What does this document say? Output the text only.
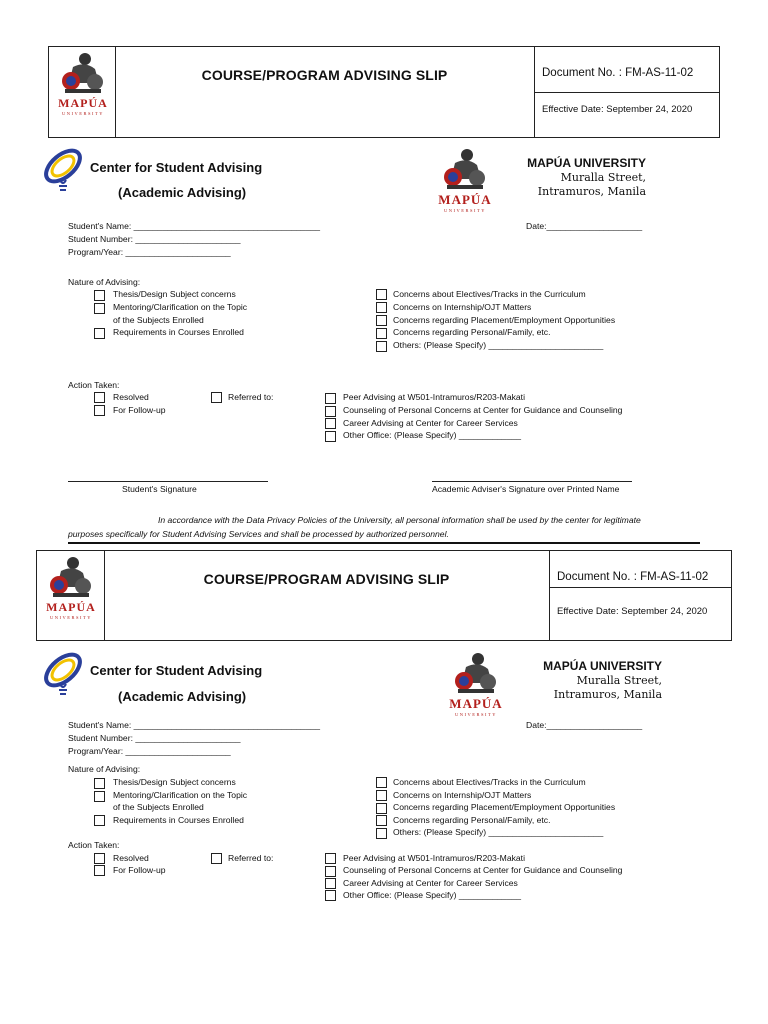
MAPÚA
UNIVERSITY
COURSE/PROGRAM ADVISING SLIP	Document No. : FM-AS-11-02
Effective Date: September 24, 2020
Center for Student Advising
(Academic Advising)	MAPÚA
UNIVERSITY
MAPÚA UNIVERSITY
Muralla Street,
Intramuros, Manila
Student's Name: _______________________________________
Student Number: ______________________
Program/Year: ______________________
Date:____________________
Nature of Advising:
Thesis/Design Subject concerns
Mentoring/Clarification on the Topic
of the Subjects Enrolled
Requirements in Courses Enrolled
Concerns about Electives/Tracks in the Curriculum
Concerns on Internship/OJT Matters
Concerns regarding Placement/Employment Opportunities
Concerns regarding Personal/Family, etc.
Others: (Please Specify) ________________________
Action Taken:
Resolved
For Follow-up
Referred to:	Peer Advising at W501-Intramuros/R203-Makati
Counseling of Personal Concerns at Center for Guidance and Counseling
Career Advising at Center for Career Services
Other Office: (Please Specify) _____________
Student's Signature	Academic Adviser's Signature over Printed Name
In accordance with the Data Privacy Policies of the University, all personal information shall be used by the center for legitimate
purposes specifically for Student Advising Services and shall be processed by authorized personnel.
MAPÚA
UNIVERSITY
COURSE/PROGRAM ADVISING SLIP	Document No. : FM-AS-11-02
Effective Date: September 24, 2020
Center for Student Advising
(Academic Advising)	MAPÚA
UNIVERSITY
MAPÚA UNIVERSITY
Muralla Street,
Intramuros, Manila
Student's Name: _______________________________________
Student Number: ______________________
Program/Year: ______________________
Date:____________________
Nature of Advising:
Thesis/Design Subject concerns
Mentoring/Clarification on the Topic
of the Subjects Enrolled
Requirements in Courses Enrolled
Concerns about Electives/Tracks in the Curriculum
Concerns on Internship/OJT Matters
Concerns regarding Placement/Employment Opportunities
Concerns regarding Personal/Family, etc.
Others: (Please Specify) ________________________
Action Taken:
Resolved
For Follow-up
Referred to:	Peer Advising at W501-Intramuros/R203-Makati
Counseling of Personal Concerns at Center for Guidance and Counseling
Career Advising at Center for Career Services
Other Office: (Please Specify) _____________
